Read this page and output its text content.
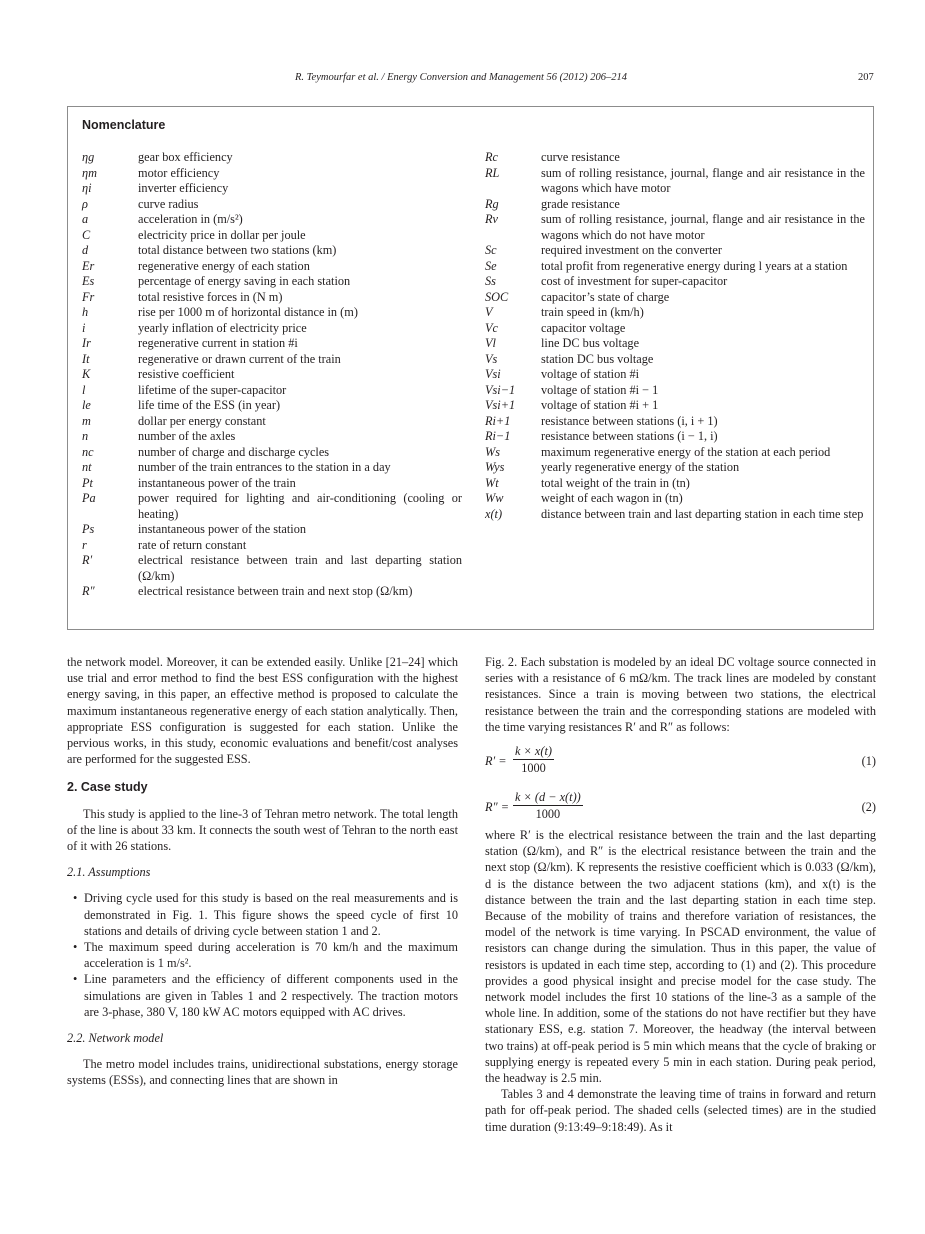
R. Teymourfar et al. / Energy Conversion and Management 56 (2012) 206–214	207
Nomenclature
ηg	gear box efficiency
ηm	motor efficiency
ηi	inverter efficiency
ρ	curve radius
a	acceleration in (m/s²)
C	electricity price in dollar per joule
d	total distance between two stations (km)
Er	regenerative energy of each station
Es	percentage of energy saving in each station
Fr	total resistive forces in (N m)
h	rise per 1000 m of horizontal distance in (m)
i	yearly inflation of electricity price
Ir	regenerative current in station #i
It	regenerative or drawn current of the train
K	resistive coefficient
l	lifetime of the super-capacitor
le	life time of the ESS (in year)
m	dollar per energy constant
n	number of the axles
nc	number of charge and discharge cycles
nt	number of the train entrances to the station in a day
Pt	instantaneous power of the train
Pa	power required for lighting and air-conditioning (cooling or heating)
Ps	instantaneous power of the station
r	rate of return constant
R′	electrical resistance between train and last departing station (Ω/km)
R″	electrical resistance between train and next stop (Ω/km)
Rc	curve resistance
RL	sum of rolling resistance, journal, flange and air resistance in the wagons which have motor
Rg	grade resistance
Rv	sum of rolling resistance, journal, flange and air resistance in the wagons which do not have motor
Sc	required investment on the converter
Se	total profit from regenerative energy during l years at a station
Ss	cost of investment for super-capacitor
SOC	capacitor’s state of charge
V	train speed in (km/h)
Vc	capacitor voltage
Vl	line DC bus voltage
Vs	station DC bus voltage
Vsi	voltage of station #i
Vsi−1	voltage of station #i − 1
Vsi+1	voltage of station #i + 1
Ri+1	resistance between stations (i, i + 1)
Ri−1	resistance between stations (i − 1, i)
Ws	maximum regenerative energy of the station at each period
Wys	yearly regenerative energy of the station
Wt	total weight of the train in (tn)
Ww	weight of each wagon in (tn)
x(t)	distance between train and last departing station in each time step

the network model. Moreover, it can be extended easily. Unlike [21–24] which use trial and error method to find the best ESS configuration with the highest energy saving, in this paper, an effective method is proposed to calculate the maximum instantaneous regenerative energy of each station analytically. Then, appropriate ESS configuration is suggested for each station. Unlike the pervious works, in this study, economic evaluations and benefit/cost analyses are performed for the suggested ESS.

2. Case study

This study is applied to the line-3 of Tehran metro network. The total length of the line is about 33 km. It connects the south west of Tehran to the north east of it with 26 stations.

2.1. Assumptions
• Driving cycle used for this study is based on the real measurements and is demonstrated in Fig. 1. This figure shows the speed cycle of first 10 stations and details of driving cycle between station 1 and 2.
• The maximum speed during acceleration is 70 km/h and the maximum acceleration is 1 m/s².
• Line parameters and the efficiency of different components used in the simulations are given in Tables 1 and 2 respectively. The traction motors are 3-phase, 380 V, 180 kW AC motors equipped with AC drives.
2.2. Network model

The metro model includes trains, unidirectional substations, energy storage systems (ESSs), and connecting lines that are shown in

Fig. 2. Each substation is modeled by an ideal DC voltage source connected in series with a resistance of 6 mΩ/km. The track lines are modeled by constant resistances. Since a train is moving between two stations, the electrical resistance between the train and the corresponding stations are modeled with the time varying resistances R′ and R″ as follows:

$R' = \frac{k \times x(t)}{1000}$	(1)
$R'' = \frac{k \times (d - x(t))}{1000}$	(2)

where R′ is the electrical resistance between the train and the last departing station (Ω/km), and R″ is the electrical resistance between the train and the next stop (Ω/km). K represents the resistive coefficient which is 0.033 (Ω/km), d is the distance between the two adjacent stations (km), and x(t) is the distance between the train and the last departing station in each time step. Because of the mobility of trains and therefore variation of resistances, the model of the network is time varying. In PSCAD environment, the value of resistors can change during the simulation. Thus in this paper, the value of resistors is updated in each time step, according to (1) and (2). This procedure provides a good physical insight and precise model for the case study. The network model includes the first 10 stations of the line-3 as a sample of the whole line. In addition, some of the stations do not have rectifier but they have stationary ESS, e.g. station 7. Moreover, the headway (the interval between two trains) at off-peak period is 5 min which means that the cycle of braking or supplying energy is repeated every 5 min in each station. During peak period, the headway is 2.5 min.

Tables 3 and 4 demonstrate the leaving time of trains in forward and return path for off-peak period. The shaded cells (selected times) are in the studied time duration (9:13:49–9:18:49). As it
